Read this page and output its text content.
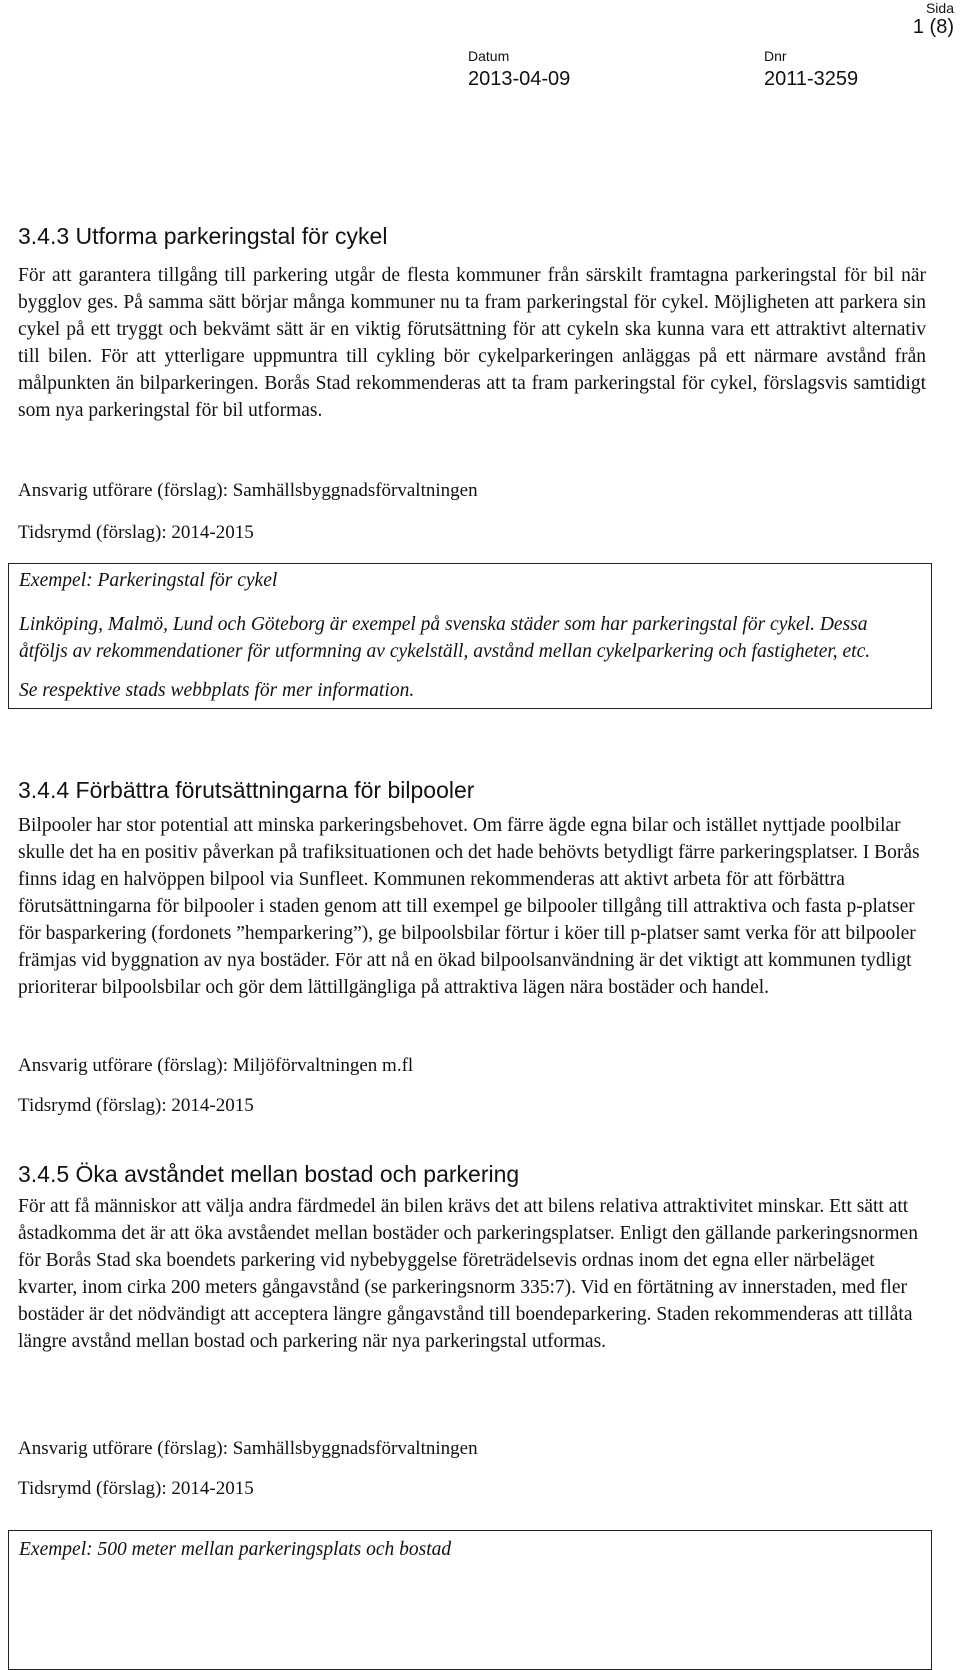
Sida
1 (8)
Datum
2013-04-09
Dnr
2011-3259
3.4.3 Utforma parkeringstal för cykel

För att garantera tillgång till parkering utgår de flesta kommuner från särskilt framtagna parkeringstal för bil när bygglov ges. På samma sätt börjar många kommuner nu ta fram parkeringstal för cykel. Möjligheten att parkera sin cykel på ett tryggt och bekvämt sätt är en viktig förutsättning för att cykeln ska kunna vara ett attraktivt alternativ till bilen. För att ytterligare uppmuntra till cykling bör cykelparkeringen anläggas på ett närmare avstånd från målpunkten än bilparkeringen. Borås Stad rekommenderas att ta fram parkeringstal för cykel, förslagsvis samtidigt som nya parkeringstal för bil utformas.

Ansvarig utförare (förslag): Samhällsbyggnadsförvaltningen
Tidsrymd (förslag): 2014-2015
Exempel: Parkeringstal för cykel
Linköping, Malmö, Lund och Göteborg är exempel på svenska städer som har parkeringstal för cykel. Dessa åtföljs av rekommendationer för utformning av cykelställ, avstånd mellan cykelparkering och fastigheter, etc.
Se respektive stads webbplats för mer information.
3.4.4 Förbättra förutsättningarna för bilpooler

Bilpooler har stor potential att minska parkeringsbehovet. Om färre ägde egna bilar och istället nyttjade poolbilar skulle det ha en positiv påverkan på trafiksituationen och det hade behövts betydligt färre parkeringsplatser. I Borås finns idag en halvöppen bilpool via Sunfleet. Kommunen rekommenderas att aktivt arbeta för att förbättra förutsättningarna för bilpooler i staden genom att till exempel ge bilpooler tillgång till attraktiva och fasta p-platser för basparkering (fordonets ”hemparkering”), ge bilpoolsbilar förtur i köer till p-platser samt verka för att bilpooler främjas vid byggnation av nya bostäder. För att nå en ökad bilpoolsanvändning är det viktigt att kommunen tydligt prioriterar bilpoolsbilar och gör dem lättillgängliga på attraktiva lägen nära bostäder och handel.

Ansvarig utförare (förslag): Miljöförvaltningen m.fl
Tidsrymd (förslag): 2014-2015
3.4.5 Öka avståndet mellan bostad och parkering

För att få människor att välja andra färdmedel än bilen krävs det att bilens relativa attraktivitet minskar. Ett sätt att åstadkomma det är att öka avståendet mellan bostäder och parkeringsplatser. Enligt den gällande parkeringsnormen för Borås Stad ska boendets parkering vid nybebyggelse företrädelsevis ordnas inom det egna eller närbeläget kvarter, inom cirka 200 meters gångavstånd (se parkeringsnorm 335:7). Vid en förtätning av innerstaden, med fler bostäder är det nödvändigt att acceptera längre gångavstånd till boendeparkering. Staden rekommenderas att tillåta längre avstånd mellan bostad och parkering när nya parkeringstal utformas.

Ansvarig utförare (förslag): Samhällsbyggnadsförvaltningen
Tidsrymd (förslag): 2014-2015
Exempel: 500 meter mellan parkeringsplats och bostad
